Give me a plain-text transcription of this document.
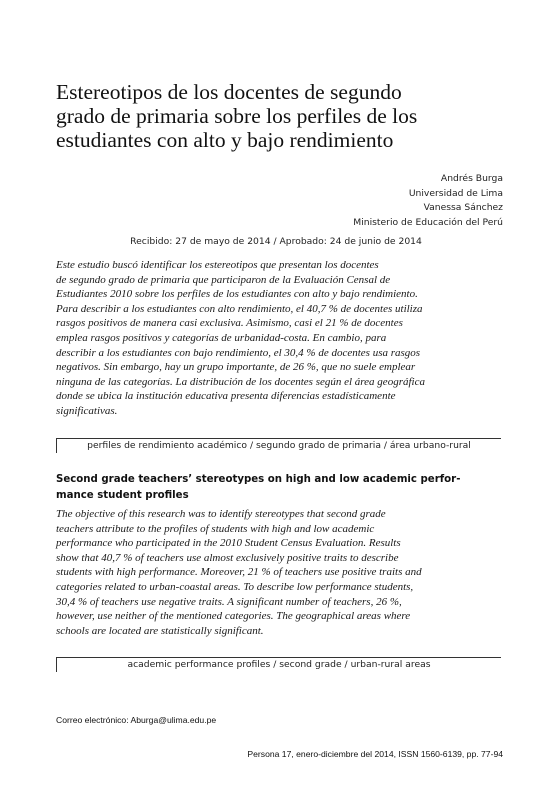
Estereotipos de los docentes de segundo
grado de primaria sobre los perfiles de los
estudiantes con alto y bajo rendimiento
Andrés Burga
Universidad de Lima
Vanessa Sánchez
Ministerio de Educación del Perú
Recibido: 27 de mayo de 2014 / Aprobado: 24 de junio de 2014
Este estudio buscó identificar los estereotipos que presentan los docentes
de segundo grado de primaria que participaron de la Evaluación Censal de
Estudiantes 2010 sobre los perfiles de los estudiantes con alto y bajo rendimiento.
Para describir a los estudiantes con alto rendimiento, el 40,7 % de docentes utiliza
rasgos positivos de manera casi exclusiva. Asimismo, casi el 21 % de docentes
emplea rasgos positivos y categorías de urbanidad-costa. En cambio, para
describir a los estudiantes con bajo rendimiento, el 30,4 % de docentes usa rasgos
negativos. Sin embargo, hay un grupo importante, de 26 %, que no suele emplear
ninguna de las categorías. La distribución de los docentes según el área geográfica
donde se ubica la institución educativa presenta diferencias estadísticamente
significativas.
perfiles de rendimiento académico / segundo grado de primaria / área urbano-rural
Second grade teachers’ stereotypes on high and low academic perfor-
mance student profiles
The objective of this research was to identify stereotypes that second grade
teachers attribute to the profiles of students with high and low academic
performance who participated in the 2010 Student Census Evaluation. Results
show that 40,7 % of teachers use almost exclusively positive traits to describe
students with high performance. Moreover, 21 % of teachers use positive traits and
categories related to urban-coastal areas. To describe low performance students,
30,4 % of teachers use negative traits. A significant number of teachers, 26 %,
however, use neither of the mentioned categories. The geographical areas where
schools are located are statistically significant.
academic performance profiles / second grade / urban-rural areas
Correo electrónico: Aburga@ulima.edu.pe
Persona 17, enero-diciembre del 2014, ISSN 1560-6139, pp. 77-94
